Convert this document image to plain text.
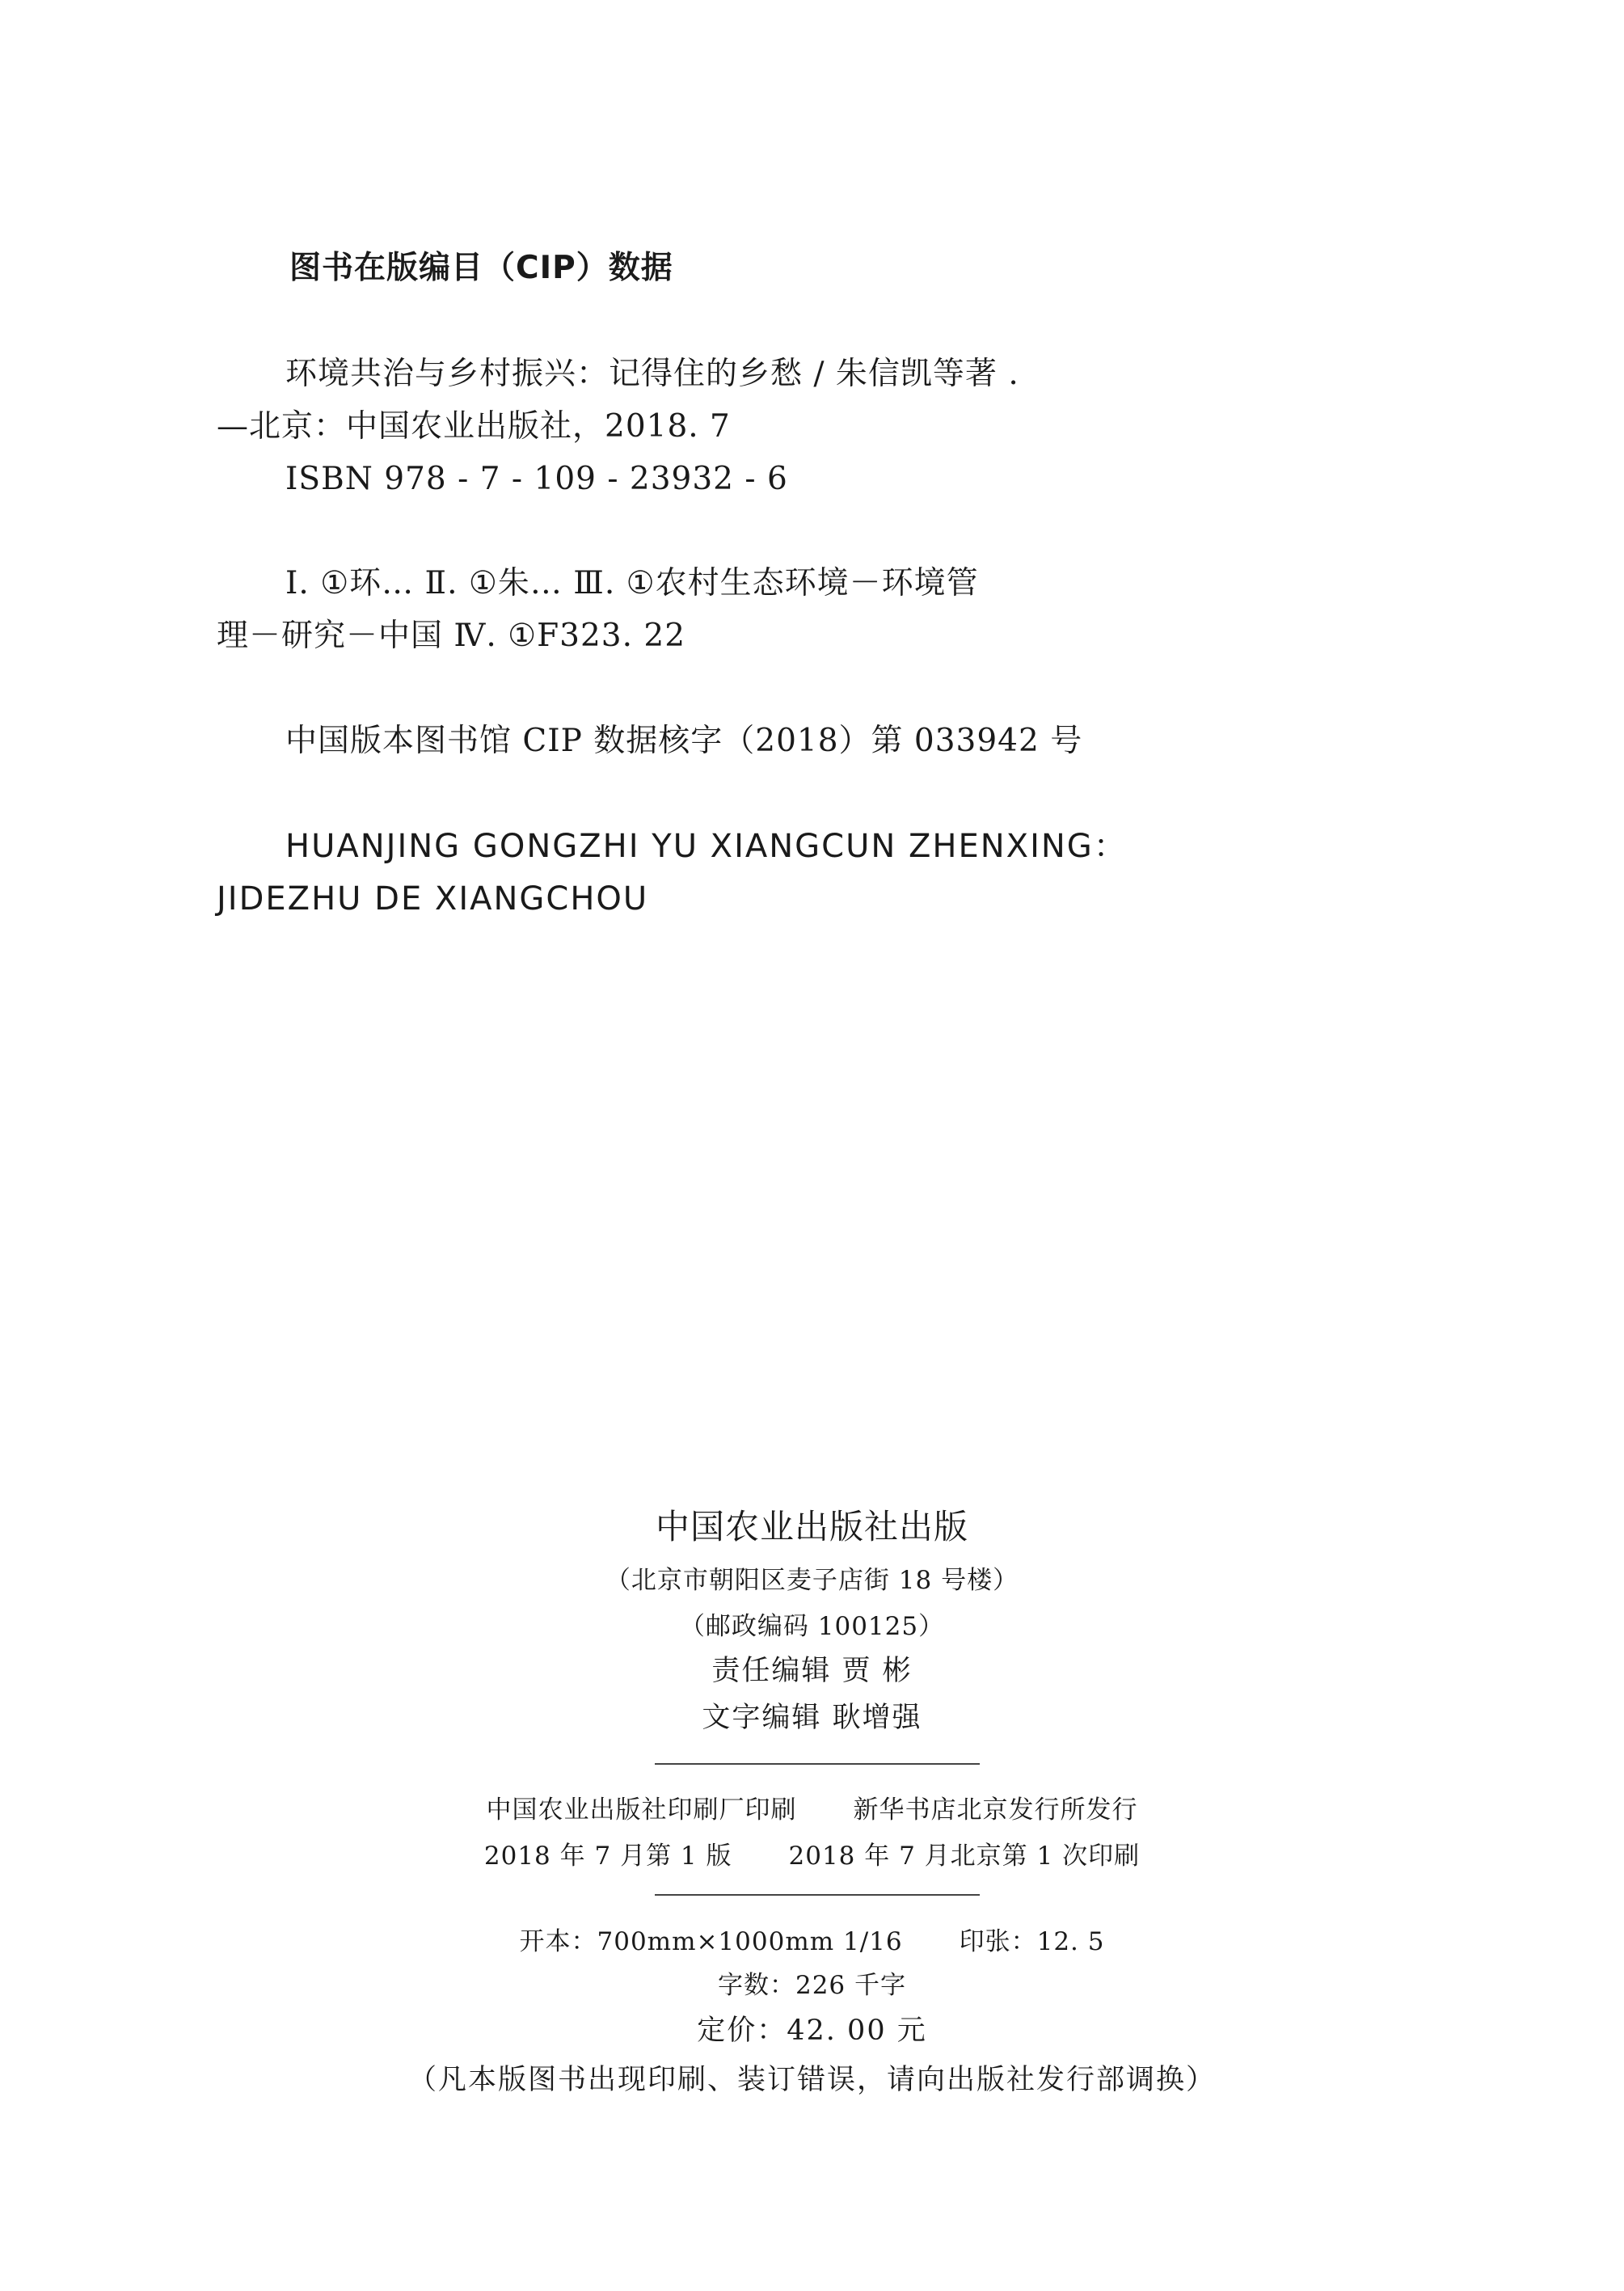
图书在版编目（CIP）数据
环境共治与乡村振兴：记得住的乡愁 / 朱信凯等著 .
—北京：中国农业出版社，2018. 7
ISBN 978 - 7 - 109 - 23932 - 6
Ⅰ. ①环… Ⅱ. ①朱… Ⅲ. ①农村生态环境－环境管
理－研究－中国 Ⅳ. ①F323. 22
中国版本图书馆 CIP 数据核字（2018）第 033942 号
HUANJING GONGZHI YU XIANGCUN ZHENXING：
JIDEZHU DE XIANGCHOU
中国农业出版社出版
（北京市朝阳区麦子店街 18 号楼）
（邮政编码 100125）
责任编辑 贾 彬
文字编辑 耿增强
中国农业出版社印刷厂印刷 新华书店北京发行所发行
2018 年 7 月第 1 版 2018 年 7 月北京第 1 次印刷
开本：700mm×1000mm 1/16 印张：12. 5
字数：226 千字
定价：42. 00 元
（凡本版图书出现印刷、装订错误，请向出版社发行部调换）
